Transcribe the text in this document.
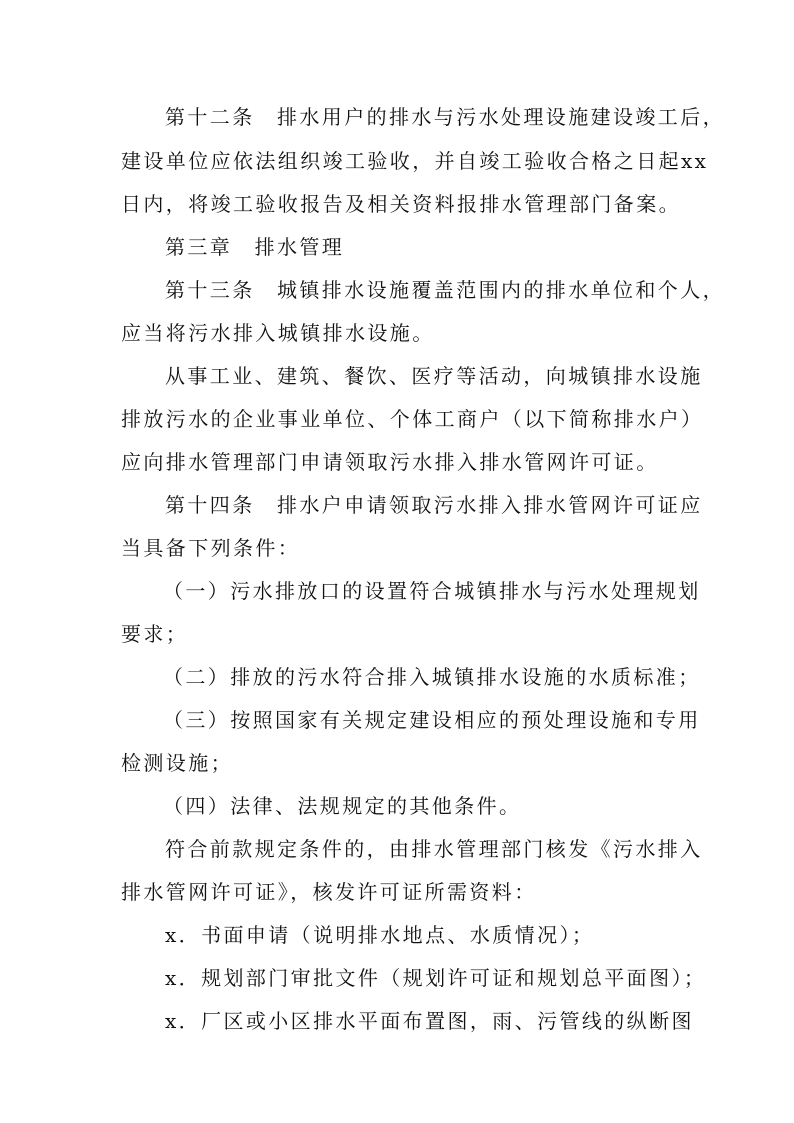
第十二条　排水用户的排水与污水处理设施建设竣工后，
建设单位应依法组织竣工验收，并自竣工验收合格之日起xx
日内，将竣工验收报告及相关资料报排水管理部门备案。
第三章　排水管理
第十三条　城镇排水设施覆盖范围内的排水单位和个人，
应当将污水排入城镇排水设施。
从事工业、建筑、餐饮、医疗等活动，向城镇排水设施
排放污水的企业事业单位、个体工商户（以下简称排水户）
应向排水管理部门申请领取污水排入排水管网许可证。
第十四条　排水户申请领取污水排入排水管网许可证应
当具备下列条件：
（一）污水排放口的设置符合城镇排水与污水处理规划
要求；
（二）排放的污水符合排入城镇排水设施的水质标准；
（三）按照国家有关规定建设相应的预处理设施和专用
检测设施；
（四）法律、法规规定的其他条件。
符合前款规定条件的，由排水管理部门核发《污水排入
排水管网许可证》，核发许可证所需资料：
x．书面申请（说明排水地点、水质情况）；
x．规划部门审批文件（规划许可证和规划总平面图）；
x．厂区或小区排水平面布置图，雨、污管线的纵断图
